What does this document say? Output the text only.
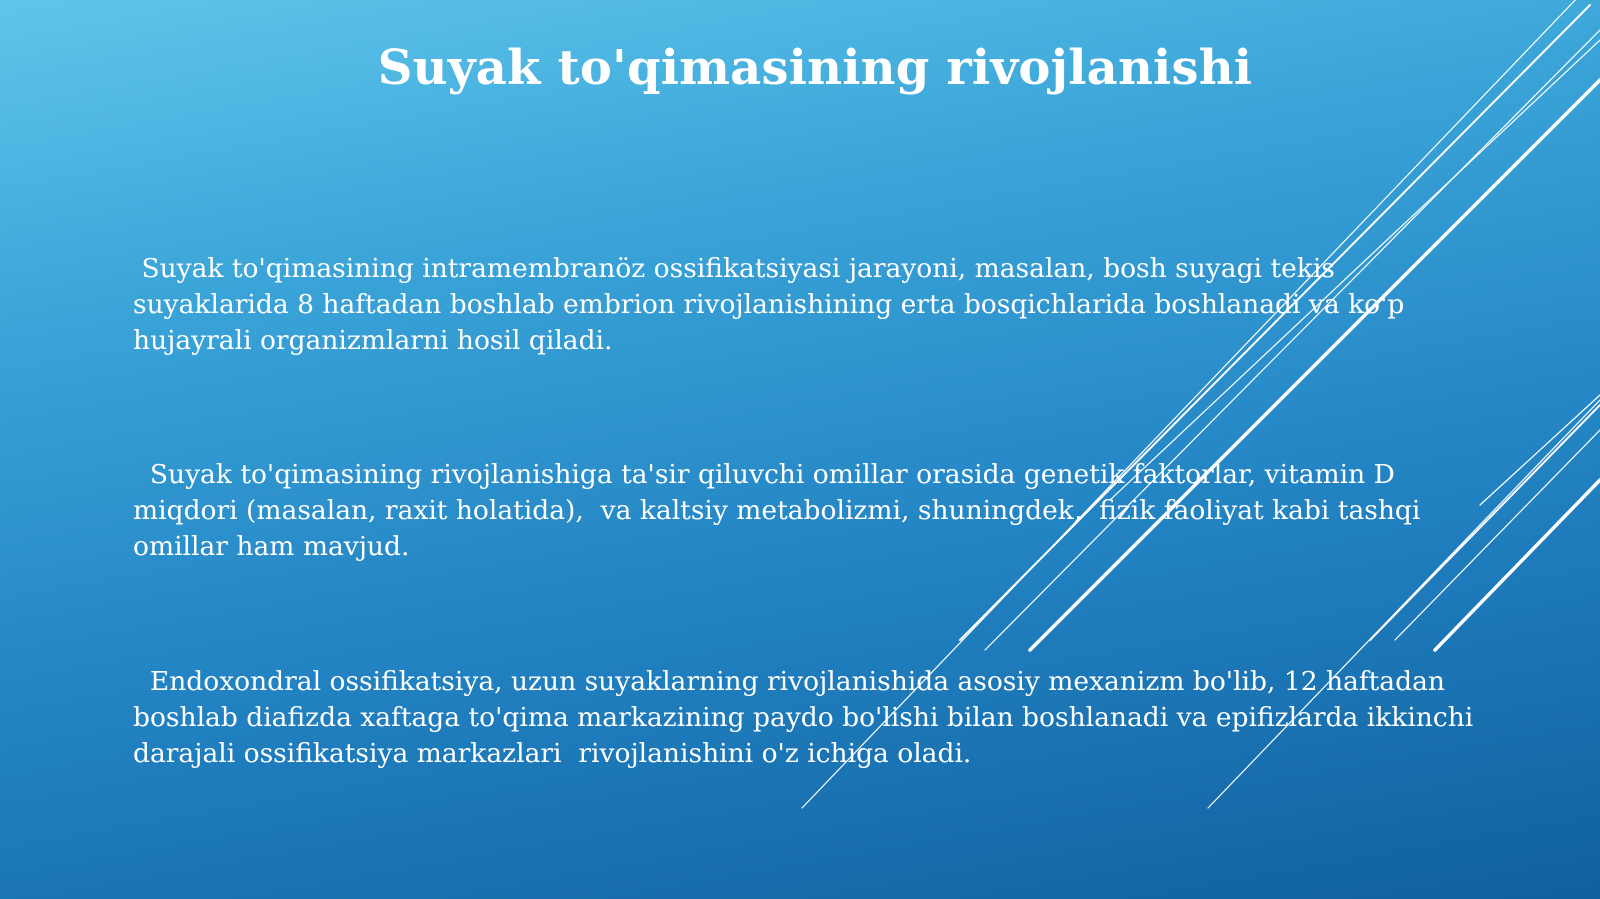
Suyak to'qimasining rivojlanishi

Suyak to'qimasining intramembranöz ossifikatsiyasi jarayoni, masalan, bosh suyagi tekis suyaklarida 8 haftadan boshlab embrion rivojlanishining erta bosqichlarida boshlanadi va ko'p hujayrali organizmlarni hosil qiladi.

Suyak to'qimasining rivojlanishiga ta'sir qiluvchi omillar orasida genetik faktorlar, vitamin D miqdori (masalan, raxit holatida),  va kaltsiy metabolizmi, shuningdek,  fizik faoliyat kabi tashqi omillar ham mavjud.

Endoxondral ossifikatsiya, uzun suyaklarning rivojlanishida asosiy mexanizm bo'lib, 12 haftadan boshlab diafizda xaftaga to'qima markazining paydo bo'lishi bilan boshlanadi va epifizlarda ikkinchi darajali ossifikatsiya markazlari  rivojlanishini o'z ichiga oladi.
